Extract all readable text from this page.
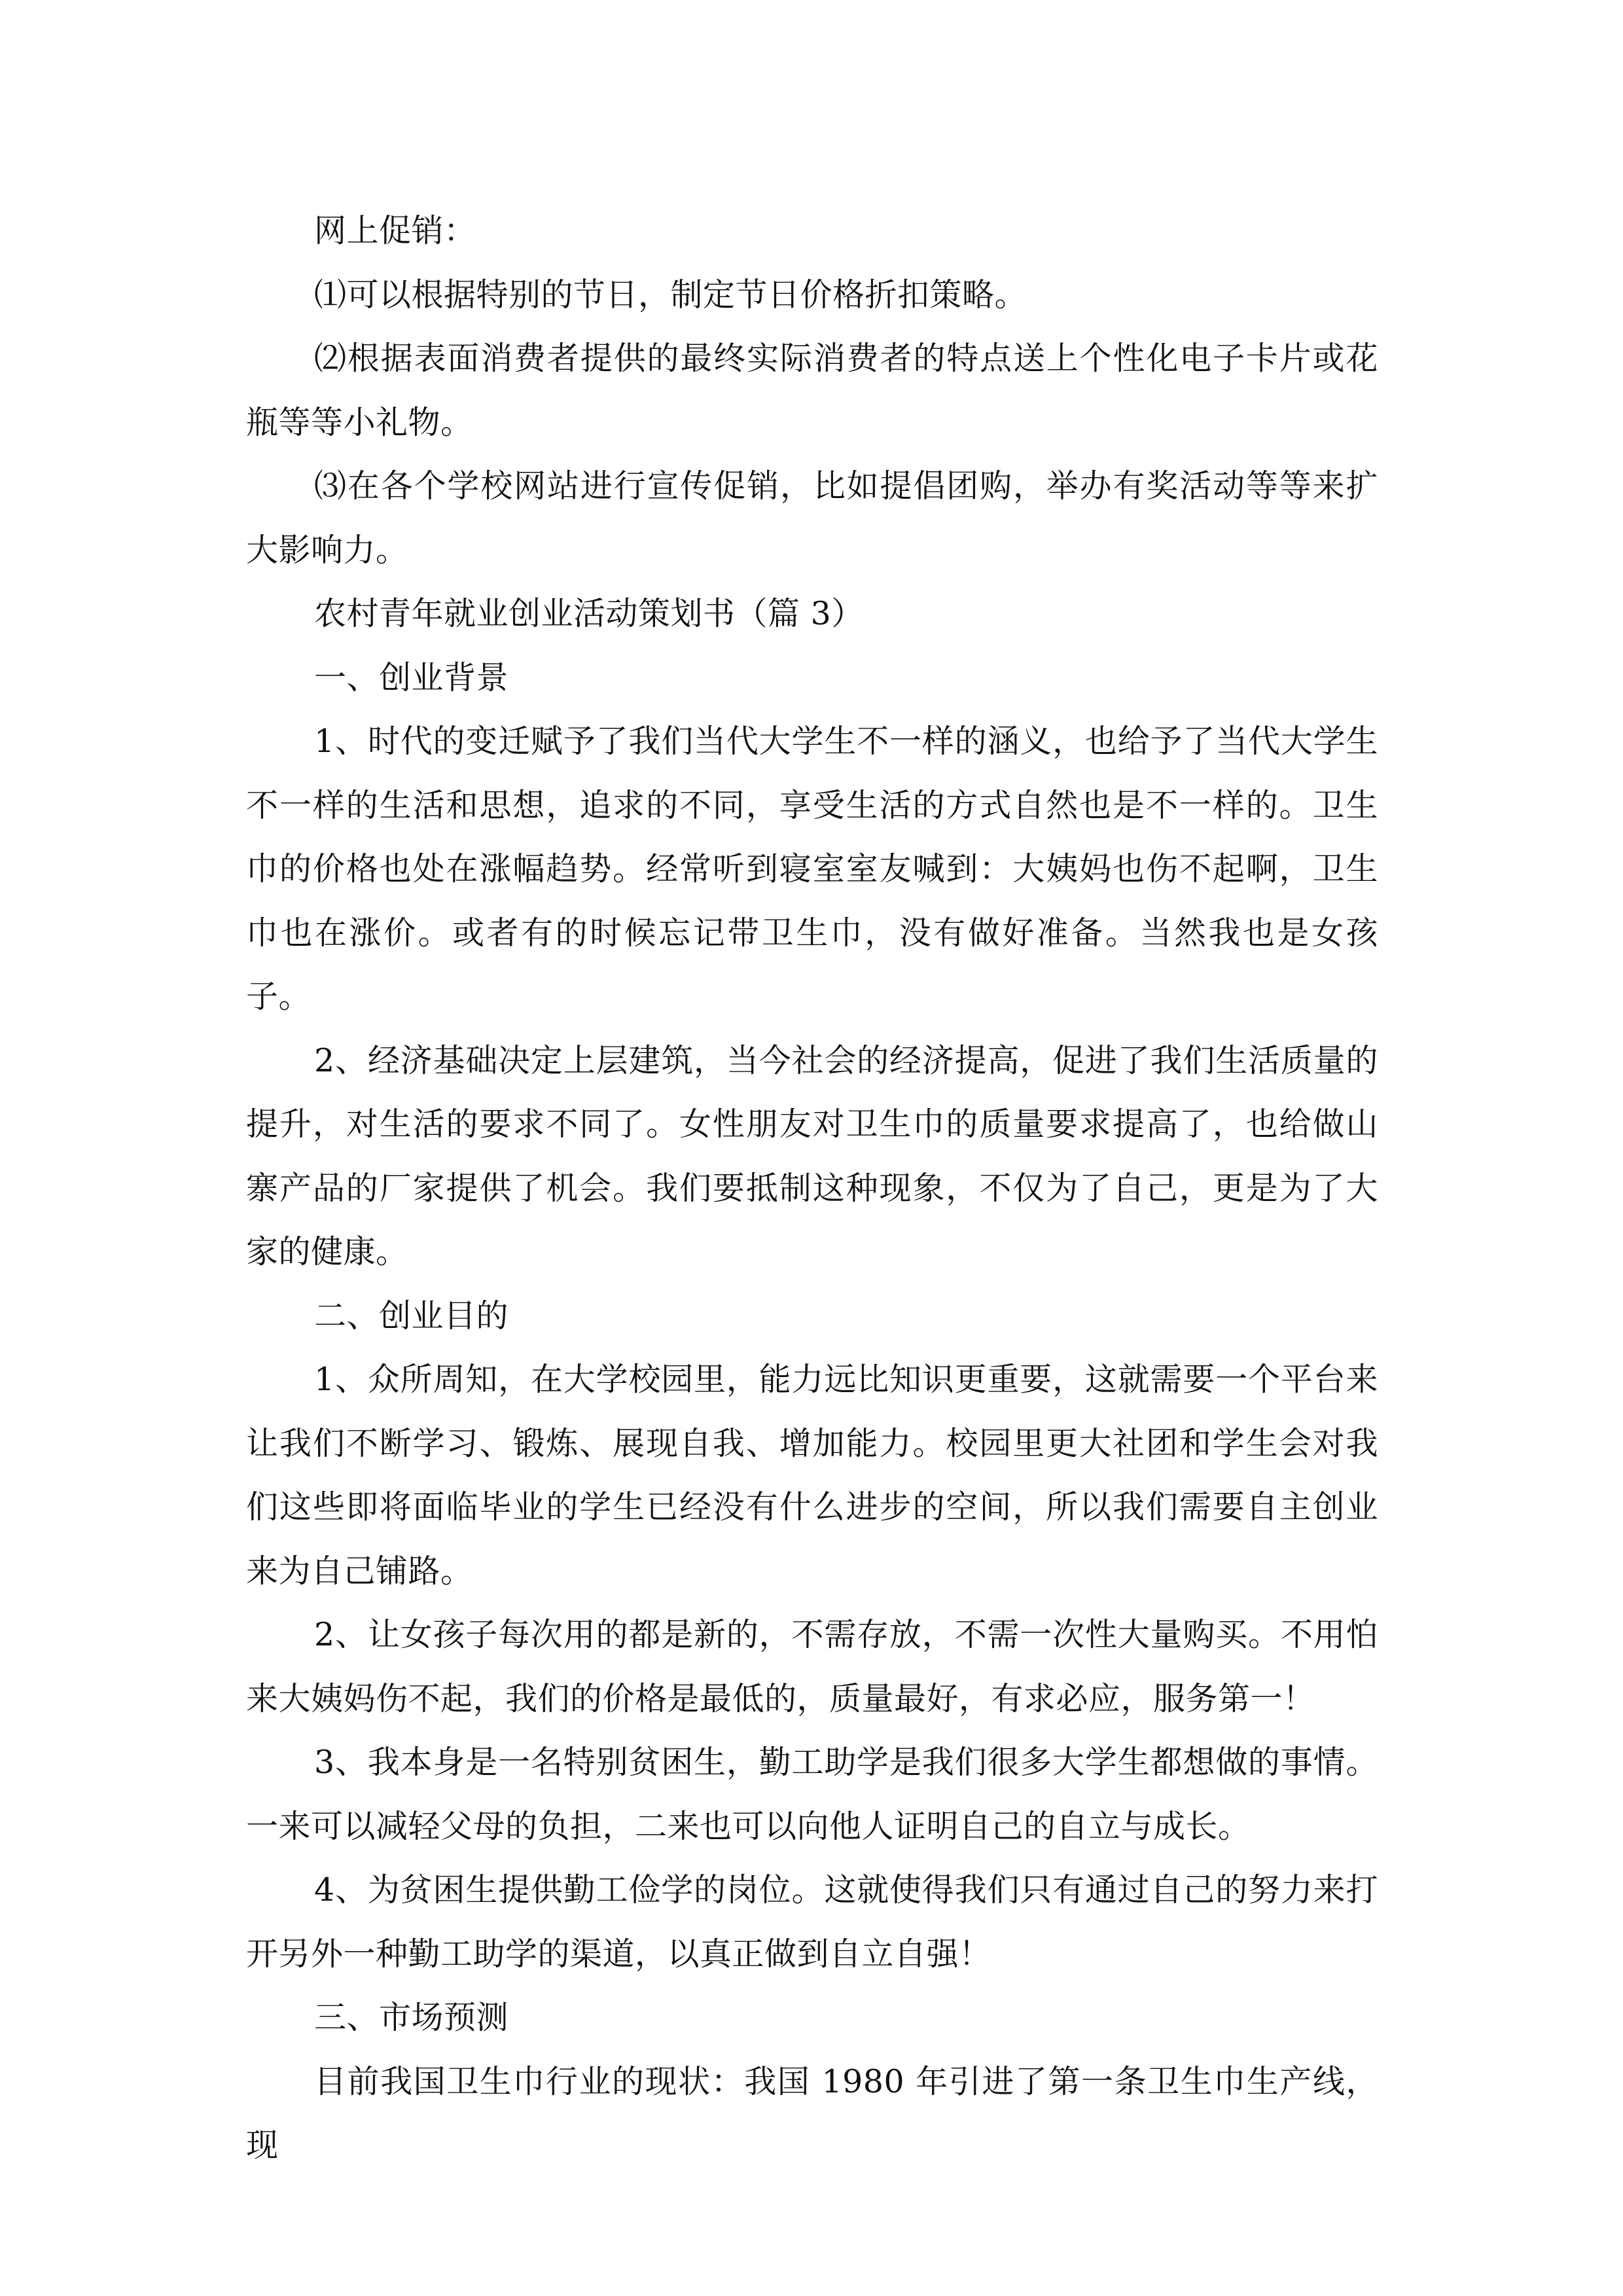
网上促销：

⑴可以根据特别的节日，制定节日价格折扣策略。

⑵根据表面消费者提供的最终实际消费者的特点送上个性化电子卡片或花瓶等等小礼物。

⑶在各个学校网站进行宣传促销，比如提倡团购，举办有奖活动等等来扩大影响力。

农村青年就业创业活动策划书（篇 3）

一、创业背景

1、时代的变迁赋予了我们当代大学生不一样的涵义，也给予了当代大学生不一样的生活和思想，追求的不同，享受生活的方式自然也是不一样的。卫生巾的价格也处在涨幅趋势。经常听到寝室室友喊到：大姨妈也伤不起啊，卫生巾也在涨价。或者有的时候忘记带卫生巾，没有做好准备。当然我也是女孩子。

2、经济基础决定上层建筑，当今社会的经济提高，促进了我们生活质量的提升，对生活的要求不同了。女性朋友对卫生巾的质量要求提高了，也给做山寨产品的厂家提供了机会。我们要抵制这种现象，不仅为了自己，更是为了大家的健康。

二、创业目的

1、众所周知，在大学校园里，能力远比知识更重要，这就需要一个平台来让我们不断学习、锻炼、展现自我、增加能力。校园里更大社团和学生会对我们这些即将面临毕业的学生已经没有什么进步的空间，所以我们需要自主创业来为自己铺路。

2、让女孩子每次用的都是新的，不需存放，不需一次性大量购买。不用怕来大姨妈伤不起，我们的价格是最低的，质量最好，有求必应，服务第一！

3、我本身是一名特别贫困生，勤工助学是我们很多大学生都想做的事情。一来可以减轻父母的负担，二来也可以向他人证明自己的自立与成长。

4、为贫困生提供勤工俭学的岗位。这就使得我们只有通过自己的努力来打开另外一种勤工助学的渠道，以真正做到自立自强！

三、市场预测

目前我国卫生巾行业的现状：我国 1980 年引进了第一条卫生巾生产线，现
